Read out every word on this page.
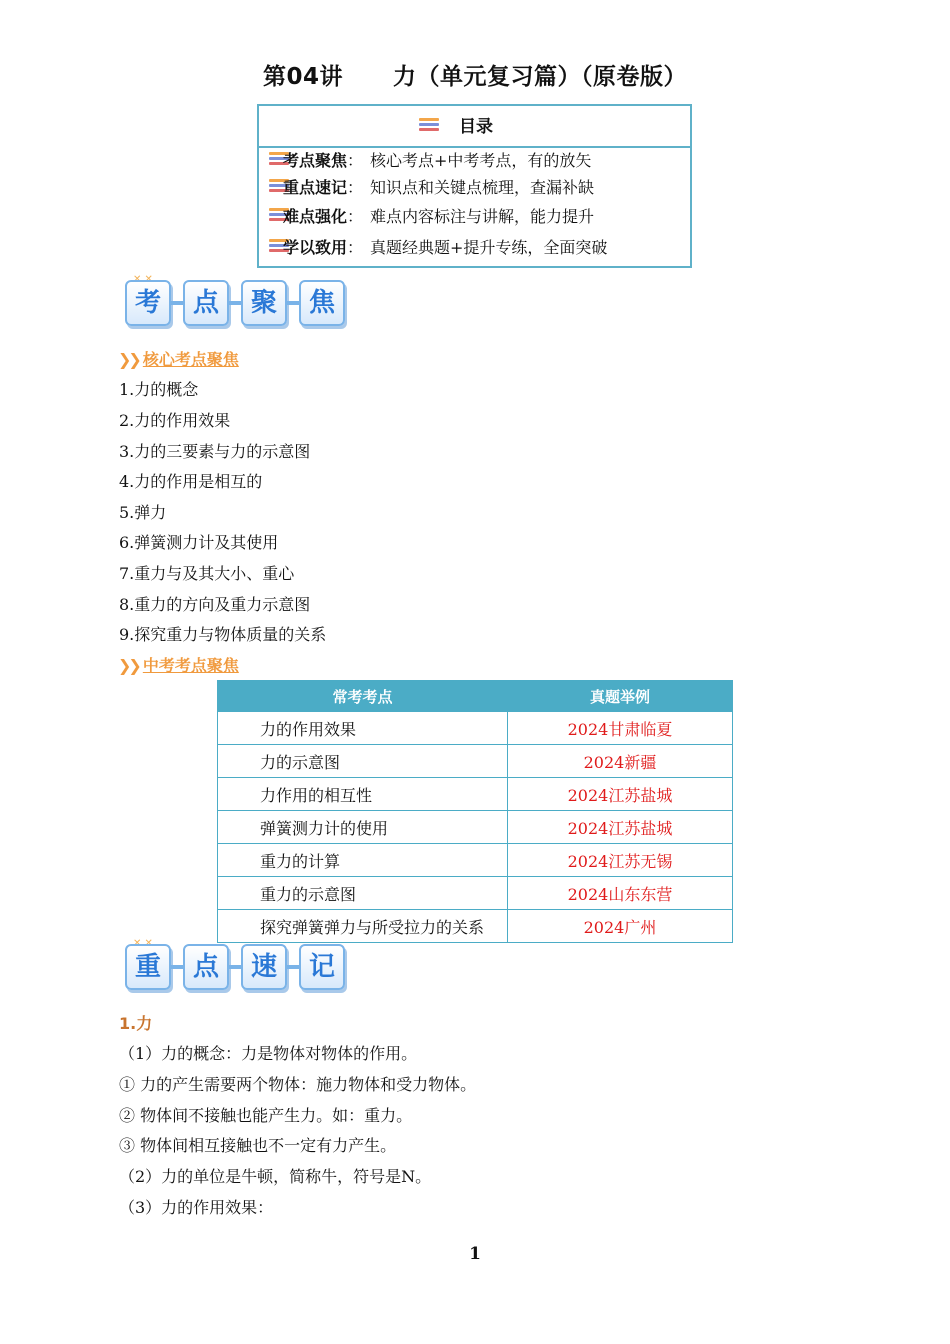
第04讲 力（单元复习篇）（原卷版）
目录
考点聚焦： 核心考点+中考考点，有的放矢
重点速记： 知识点和关键点梳理，查漏补缺
难点强化： 难点内容标注与讲解，能力提升
学以致用： 真题经典题+提升专练，全面突破
考	点	聚	焦
❯❯ 核心考点聚焦
1.力的概念
2.力的作用效果
3.力的三要素与力的示意图
4.力的作用是相互的
5.弹力
6.弹簧测力计及其使用
7.重力与及其大小、重心
8.重力的方向及重力示意图
9.探究重力与物体质量的关系
❯❯ 中考考点聚焦
常考考点	真题举例
力的作用效果	2024甘肃临夏
力的示意图	2024新疆
力作用的相互性	2024江苏盐城
弹簧测力计的使用	2024江苏盐城
重力的计算	2024江苏无锡
重力的示意图	2024山东东营
探究弹簧弹力与所受拉力的关系	2024广州
重	点	速	记
1.力
（1）力的概念：力是物体对物体的作用。
① 力的产生需要两个物体：施力物体和受力物体。
② 物体间不接触也能产生力。如：重力。
③ 物体间相互接触也不一定有力产生。
（2）力的单位是牛顿，简称牛，符号是N。
（3）力的作用效果：
1
